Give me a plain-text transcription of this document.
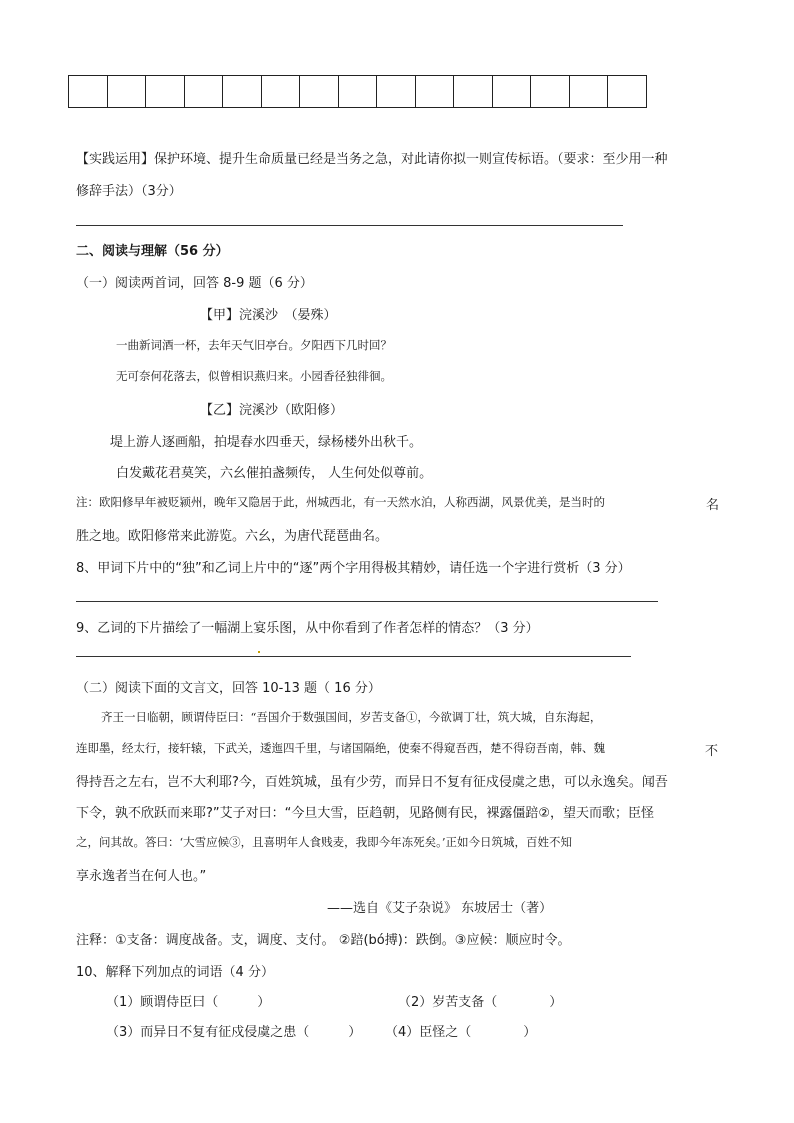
【实践运用】保护环境、提升生命质量已经是当务之急，对此请你拟一则宣传标语。（要求：至少用一种
修辞手法）（3分）
二、阅读与理解（56 分）
（一）阅读两首词，回答 8-9 题（6 分）
【甲】浣溪沙　（晏殊）
一曲新词酒一杯，去年天气旧亭台。夕阳西下几时回？
无可奈何花落去，似曾相识燕归来。小园香径独徘徊。
【乙】浣溪沙（欧阳修）
堤上游人逐画船，拍堤春水四垂天，绿杨楼外出秋千。
白发戴花君莫笑，六幺催拍盏频传， 人生何处似尊前。
注：欧阳修早年被贬颍州，晚年又隐居于此，州城西北，有一天然水泊，人称西湖，风景优美，是当时的	名
胜之地。欧阳修常来此游览。六幺，为唐代琵琶曲名。
8、甲词下片中的“独”和乙词上片中的“逐”两个字用得极其精妙，请任选一个字进行赏析（3 分）
9、乙词的下片描绘了一幅湖上宴乐图，从中你看到了作者怎样的情态？（3 分）
（二）阅读下面的文言文，回答 10-13 题（ 16 分）
齐王一日临朝，顾谓侍臣曰：“吾国介于数强国间，岁苦支备①，今欲调丁壮，筑大城，自东海起，
连即墨，经太行，接轩辕，下武关，逶迤四千里，与诸国隔绝，使秦不得窥吾西，楚不得窃吾南，韩、魏	不
得持吾之左右，岂不大利耶?今，百姓筑城，虽有少劳，而异日不复有征戍侵虞之患，可以永逸矣。闻吾
下令，孰不欣跃而来耶?”艾子对曰：“今旦大雪，臣趋朝，见路侧有民，裸露僵踣②，望天而歌；臣怪
之，问其故。答曰：‘大雪应候③，且喜明年人食贱麦，我即今年冻死矣。’正如今日筑城，百姓不知
享永逸者当在何人也。”
——选自《艾子杂说》 东坡居士（著）
注释：①支备：调度战备。支，调度、支付。 ②踣(bó搏)：跌倒。③应候：顺应时令。
10、解释下列加点的词语（4 分）
（1）顾谓侍臣曰（　　　）	（2）岁苦支备（　　　　）
（3）而异日不复有征戍侵虞之患（　　　） （4）臣怪之（　　　　）
